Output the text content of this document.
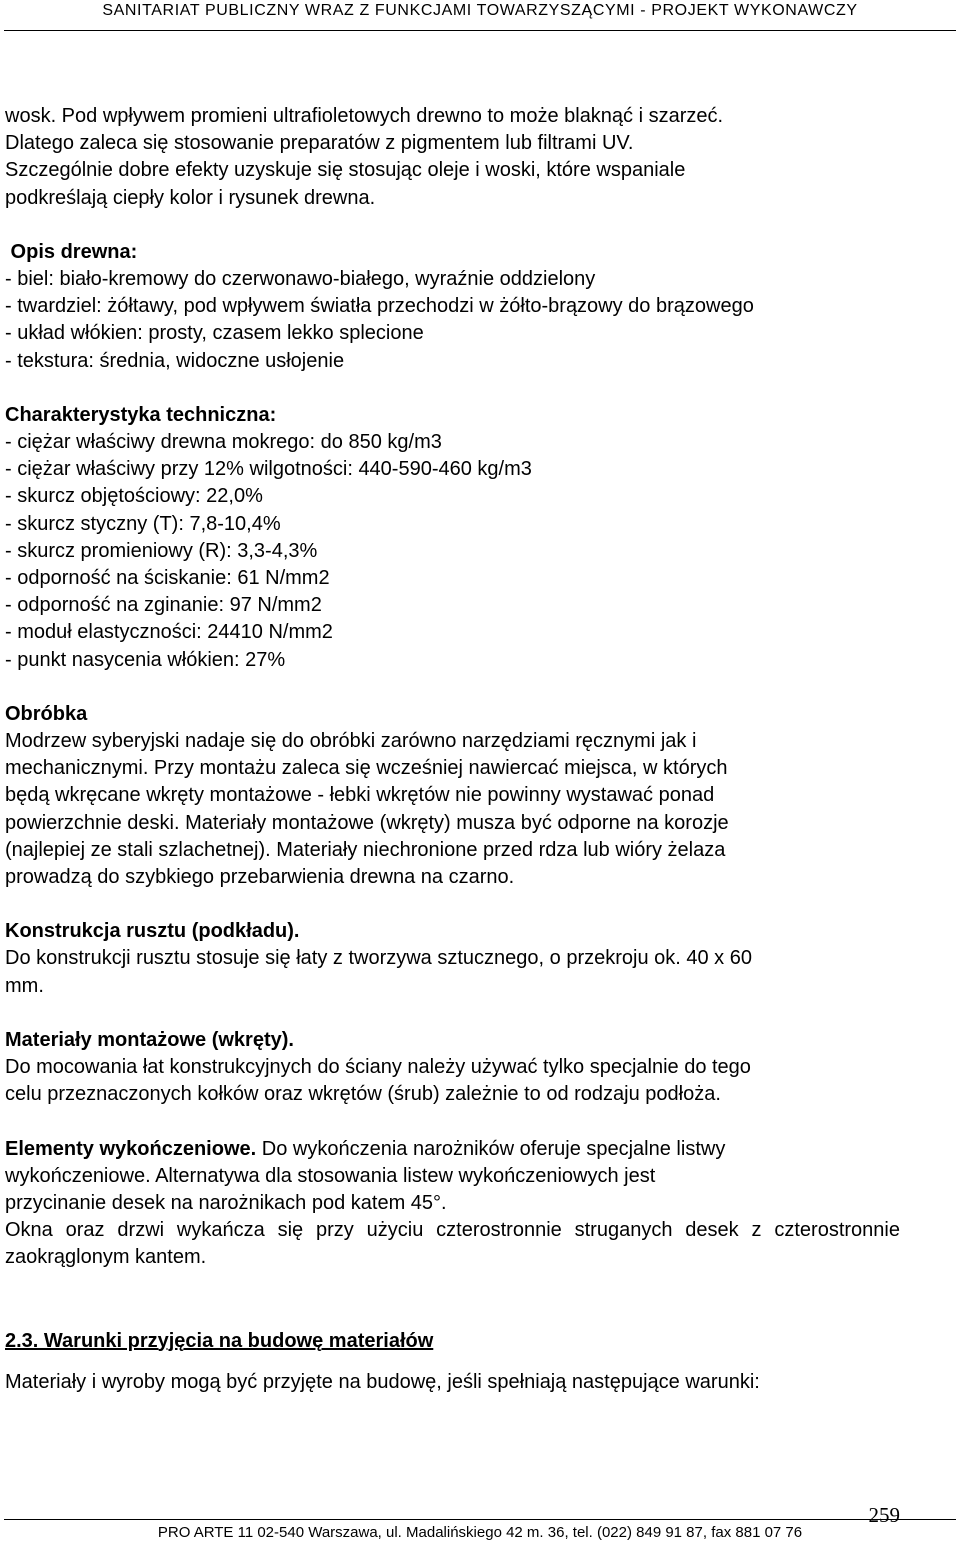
SANITARIAT PUBLICZNY WRAZ Z FUNKCJAMI TOWARZYSZĄCYMI - PROJEKT WYKONAWCZY

wosk. Pod wpływem promieni ultrafioletowych drewno to może blaknąć i szarzeć.

Dlatego zaleca się stosowanie preparatów z pigmentem lub filtrami UV.

Szczególnie dobre efekty uzyskuje się stosując oleje i woski, które wspaniale

podkreślają ciepły kolor i rysunek drewna.

Opis drewna:

- biel: biało-kremowy do czerwonawo-białego, wyraźnie oddzielony

- twardziel: żółtawy, pod wpływem światła przechodzi w żółto-brązowy do brązowego

- układ włókien: prosty, czasem lekko splecione

- tekstura: średnia, widoczne usłojenie

Charakterystyka techniczna:

- ciężar właściwy drewna mokrego: do 850 kg/m3

- ciężar właściwy przy 12% wilgotności: 440-590-460 kg/m3

- skurcz objętościowy: 22,0%

- skurcz styczny (T): 7,8-10,4%

- skurcz promieniowy (R): 3,3-4,3%

- odporność na ściskanie: 61 N/mm2

- odporność na zginanie: 97 N/mm2

- moduł elastyczności: 24410 N/mm2

- punkt nasycenia włókien: 27%

Obróbka

Modrzew syberyjski nadaje się do obróbki zarówno narzędziami ręcznymi jak i

mechanicznymi. Przy montażu zaleca się wcześniej nawiercać miejsca, w których

będą wkręcane wkręty montażowe - łebki wkrętów nie powinny wystawać ponad

powierzchnie deski. Materiały montażowe (wkręty) musza być odporne na korozje

(najlepiej ze stali szlachetnej). Materiały niechronione przed rdza lub wióry żelaza

prowadzą do szybkiego przebarwienia drewna na czarno.

Konstrukcja rusztu (podkładu).

Do konstrukcji rusztu stosuje się łaty z tworzywa sztucznego, o przekroju ok. 40 x 60

mm.

Materiały montażowe (wkręty).

Do mocowania łat konstrukcyjnych do ściany należy używać tylko specjalnie do tego

celu przeznaczonych kołków oraz wkrętów (śrub) zależnie to od rodzaju podłoża.

Elementy wykończeniowe. Do wykończenia narożników oferuje specjalne listwy

wykończeniowe. Alternatywa dla stosowania listew wykończeniowych jest

przycinanie desek na narożnikach pod katem 45°.

Okna oraz drzwi wykańcza się przy użyciu czterostronnie struganych desek z czterostronnie zaokrąglonym kantem.

2.3. Warunki przyjęcia na budowę materiałów

Materiały i wyroby mogą być przyjęte na budowę, jeśli spełniają następujące warunki:

259
PRO ARTE 11 02-540 Warszawa, ul. Madalińskiego 42 m. 36, tel. (022) 849 91 87, fax 881 07 76
